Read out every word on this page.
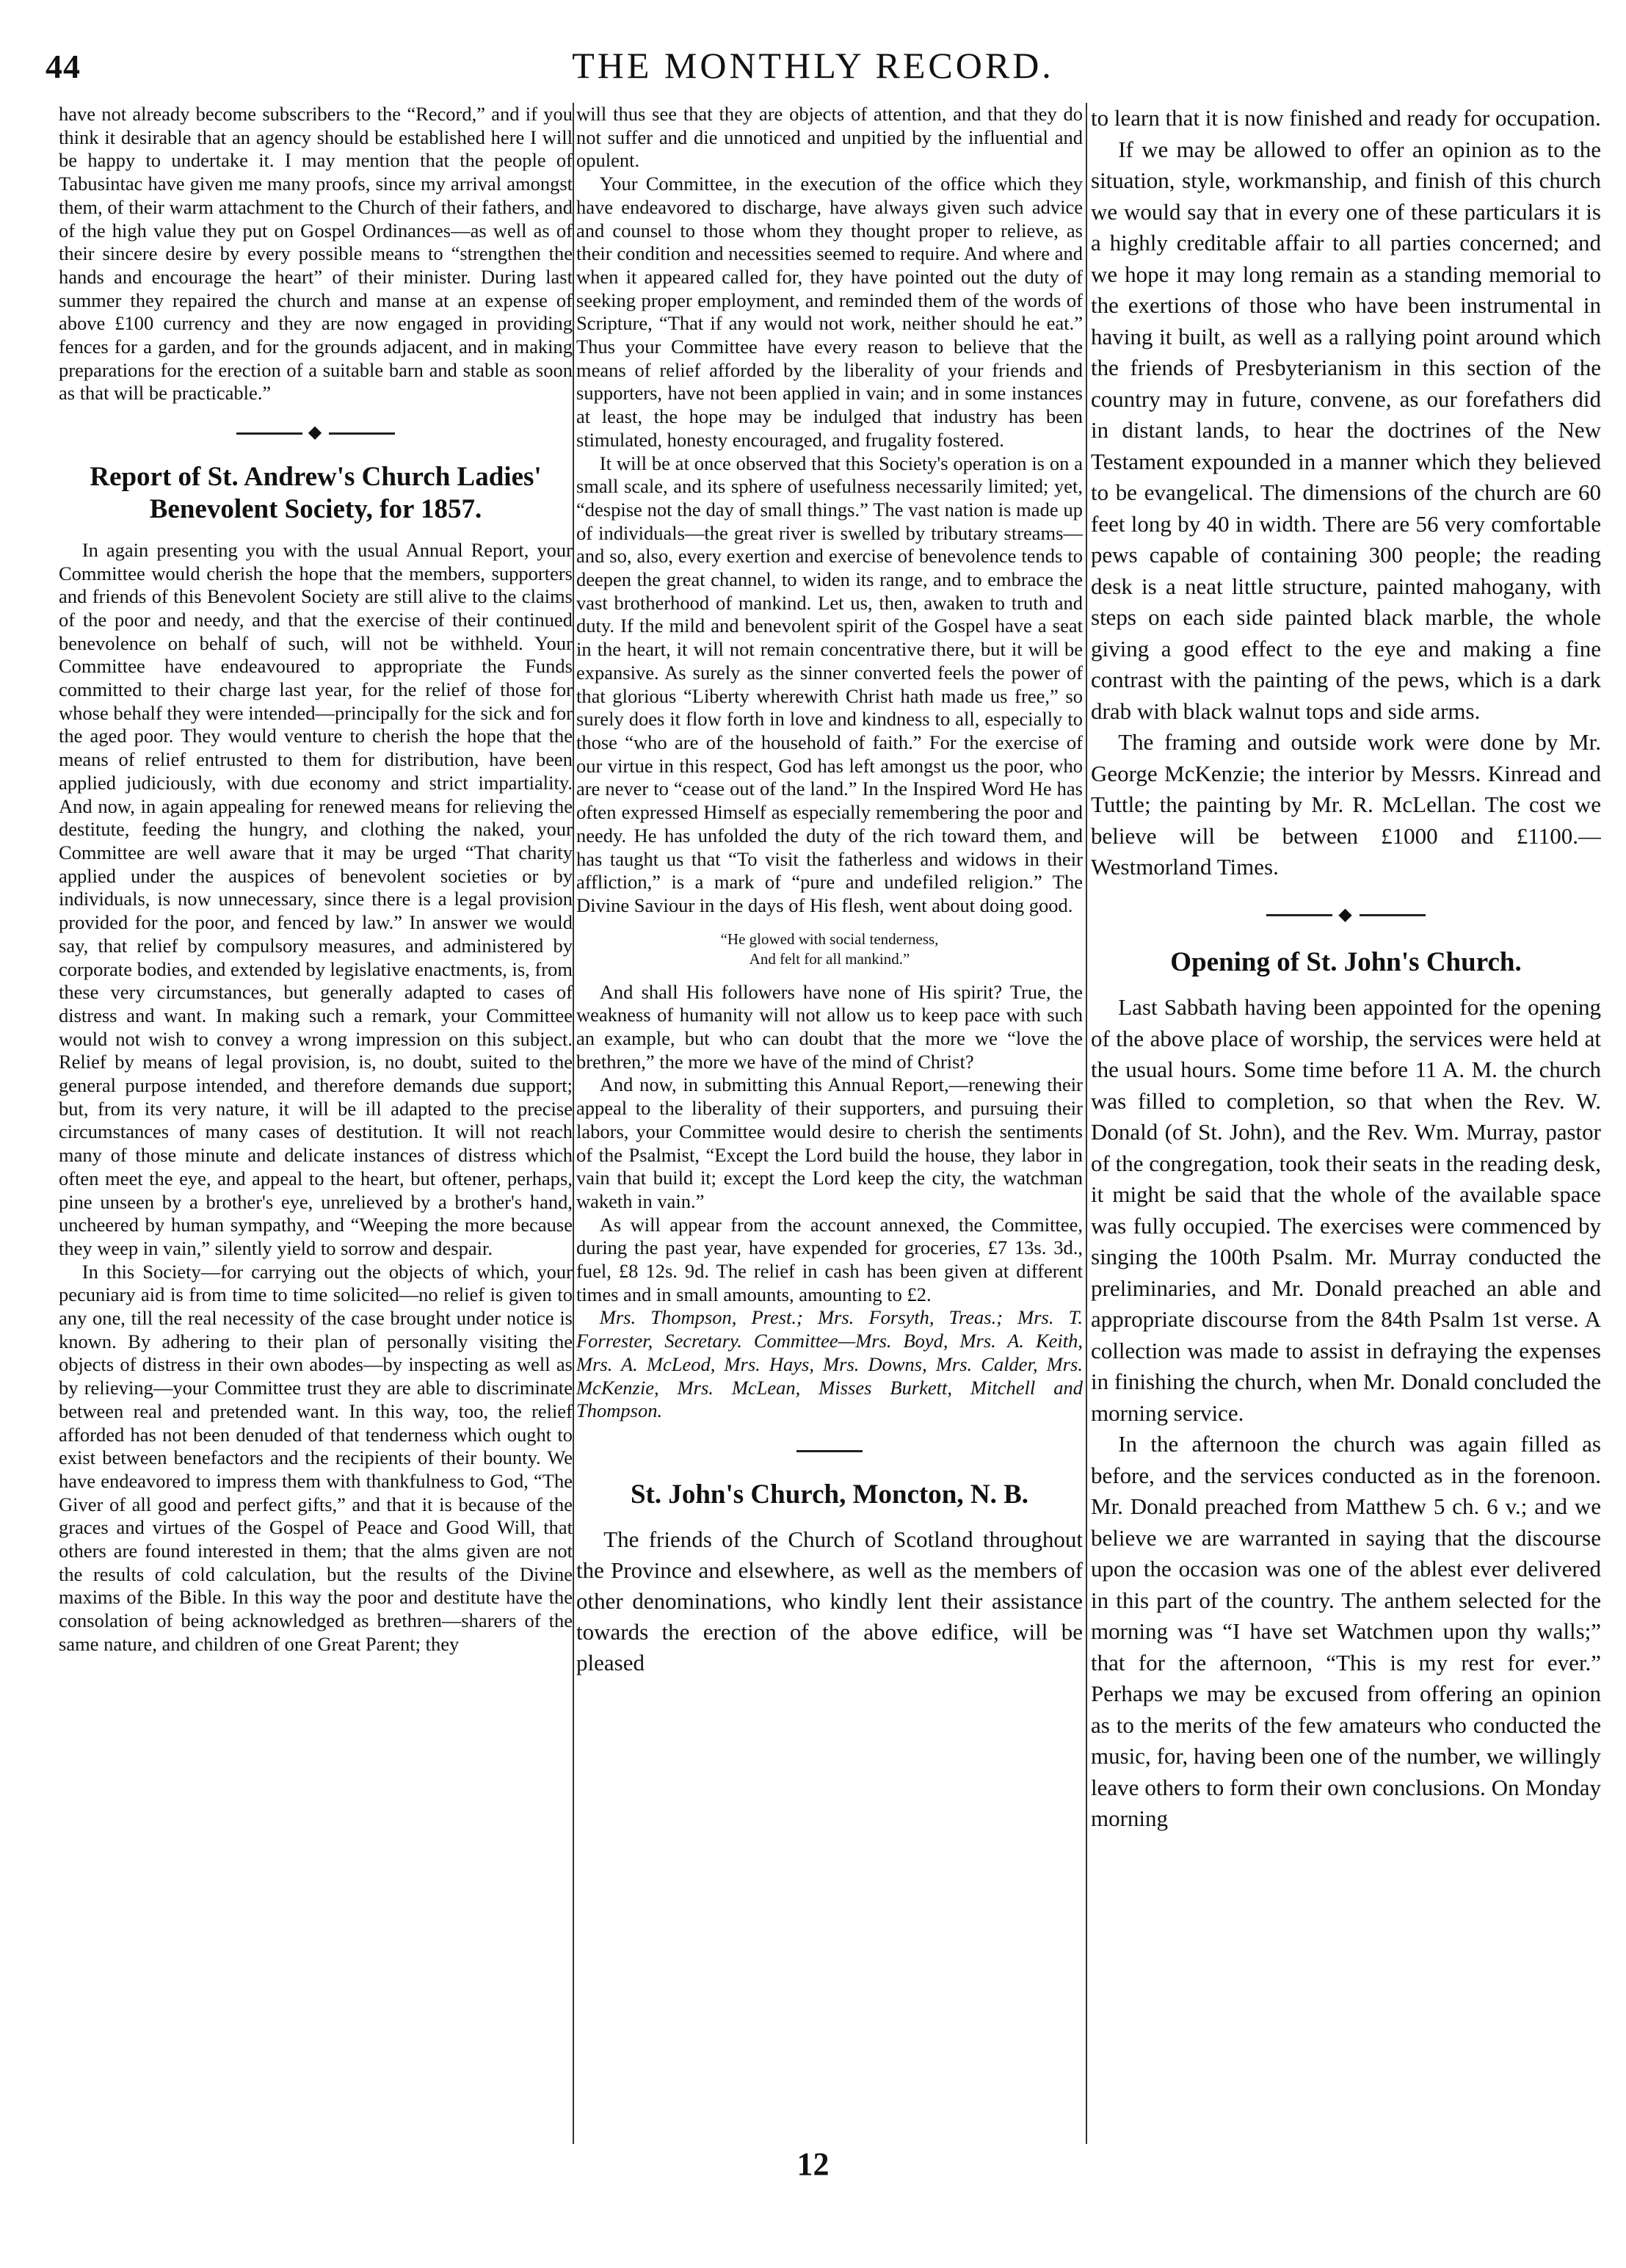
44	THE MONTHLY RECORD.

have not already become subscribers to the “Record,” and if you think it desirable that an agency should be established here I will be happy to undertake it. I may mention that the people of Tabusintac have given me many proofs, since my arrival amongst them, of their warm attachment to the Church of their fathers, and of the high value they put on Gospel Ordinances—as well as of their sincere desire by every possible means to “strengthen the hands and encourage the heart” of their minister. During last summer they repaired the church and manse at an expense of above £100 currency and they are now engaged in providing fences for a garden, and for the grounds adjacent, and in making preparations for the erection of a suitable barn and stable as soon as that will be practicable.”

◆
Report of St. Andrew's Church Ladies' Benevolent Society, for 1857.

In again presenting you with the usual Annual Report, your Committee would cherish the hope that the members, supporters and friends of this Benevolent Society are still alive to the claims of the poor and needy, and that the exercise of their continued benevolence on behalf of such, will not be withheld. Your Committee have endeavoured to appropriate the Funds committed to their charge last year, for the relief of those for whose behalf they were intended—principally for the sick and for the aged poor. They would venture to cherish the hope that the means of relief entrusted to them for distribution, have been applied judiciously, with due economy and strict impartiality. And now, in again appealing for renewed means for relieving the destitute, feeding the hungry, and clothing the naked, your Committee are well aware that it may be urged “That charity applied under the auspices of benevolent societies or by individuals, is now unnecessary, since there is a legal provision provided for the poor, and fenced by law.” In answer we would say, that relief by compulsory measures, and administered by corporate bodies, and extended by legislative enactments, is, from these very circumstances, but generally adapted to cases of distress and want. In making such a remark, your Committee would not wish to convey a wrong impression on this subject. Relief by means of legal provision, is, no doubt, suited to the general purpose intended, and therefore demands due support; but, from its very nature, it will be ill adapted to the precise circumstances of many cases of destitution. It will not reach many of those minute and delicate instances of distress which often meet the eye, and appeal to the heart, but oftener, perhaps, pine unseen by a brother's eye, unrelieved by a brother's hand, uncheered by human sympathy, and “Weeping the more because they weep in vain,” silently yield to sorrow and despair.

In this Society—for carrying out the objects of which, your pecuniary aid is from time to time solicited—no relief is given to any one, till the real necessity of the case brought under notice is known. By adhering to their plan of personally visiting the objects of distress in their own abodes—by inspecting as well as by relieving—your Committee trust they are able to discriminate between real and pretended want. In this way, too, the relief afforded has not been denuded of that tenderness which ought to exist between benefactors and the recipients of their bounty. We have endeavored to impress them with thankfulness to God, “The Giver of all good and perfect gifts,” and that it is because of the graces and virtues of the Gospel of Peace and Good Will, that others are found interested in them; that the alms given are not the results of cold calculation, but the results of the Divine maxims of the Bible. In this way the poor and destitute have the consolation of being acknowledged as brethren—sharers of the same nature, and children of one Great Parent; they

will thus see that they are objects of attention, and that they do not suffer and die unnoticed and unpitied by the influential and opulent.

Your Committee, in the execution of the office which they have endeavored to discharge, have always given such advice and counsel to those whom they thought proper to relieve, as their condition and necessities seemed to require. And where and when it appeared called for, they have pointed out the duty of seeking proper employment, and reminded them of the words of Scripture, “That if any would not work, neither should he eat.” Thus your Committee have every reason to believe that the means of relief afforded by the liberality of your friends and supporters, have not been applied in vain; and in some instances at least, the hope may be indulged that industry has been stimulated, honesty encouraged, and frugality fostered.

It will be at once observed that this Society's operation is on a small scale, and its sphere of usefulness necessarily limited; yet, “despise not the day of small things.” The vast nation is made up of individuals—the great river is swelled by tributary streams—and so, also, every exertion and exercise of benevolence tends to deepen the great channel, to widen its range, and to embrace the vast brotherhood of mankind. Let us, then, awaken to truth and duty. If the mild and benevolent spirit of the Gospel have a seat in the heart, it will not remain concentrative there, but it will be expansive. As surely as the sinner converted feels the power of that glorious “Liberty wherewith Christ hath made us free,” so surely does it flow forth in love and kindness to all, especially to those “who are of the household of faith.” For the exercise of our virtue in this respect, God has left amongst us the poor, who are never to “cease out of the land.” In the Inspired Word He has often expressed Himself as especially remembering the poor and needy. He has unfolded the duty of the rich toward them, and has taught us that “To visit the fatherless and widows in their affliction,” is a mark of “pure and undefiled religion.” The Divine Saviour in the days of His flesh, went about doing good.

“He glowed with social tenderness,
And felt for all mankind.”

And shall His followers have none of His spirit? True, the weakness of humanity will not allow us to keep pace with such an example, but who can doubt that the more we “love the brethren,” the more we have of the mind of Christ?

And now, in submitting this Annual Report,—renewing their appeal to the liberality of their supporters, and pursuing their labors, your Committee would desire to cherish the sentiments of the Psalmist, “Except the Lord build the house, they labor in vain that build it; except the Lord keep the city, the watchman waketh in vain.”

As will appear from the account annexed, the Committee, during the past year, have expended for groceries, £7 13s. 3d., fuel, £8 12s. 9d. The relief in cash has been given at different times and in small amounts, amounting to £2.

Mrs. Thompson, Prest.; Mrs. Forsyth, Treas.; Mrs. T. Forrester, Secretary. Committee—Mrs. Boyd, Mrs. A. Keith, Mrs. A. McLeod, Mrs. Hays, Mrs. Downs, Mrs. Calder, Mrs. McKenzie, Mrs. McLean, Misses Burkett, Mitchell and Thompson.

St. John's Church, Moncton, N. B.

The friends of the Church of Scotland throughout the Province and elsewhere, as well as the members of other denominations, who kindly lent their assistance towards the erection of the above edifice, will be pleased

to learn that it is now finished and ready for occupation.

If we may be allowed to offer an opinion as to the situation, style, workmanship, and finish of this church we would say that in every one of these particulars it is a highly creditable affair to all parties concerned; and we hope it may long remain as a standing memorial to the exertions of those who have been instrumental in having it built, as well as a rallying point around which the friends of Presbyterianism in this section of the country may in future, convene, as our forefathers did in distant lands, to hear the doctrines of the New Testament expounded in a manner which they believed to be evangelical. The dimensions of the church are 60 feet long by 40 in width. There are 56 very comfortable pews capable of containing 300 people; the reading desk is a neat little structure, painted mahogany, with steps on each side painted black marble, the whole giving a good effect to the eye and making a fine contrast with the painting of the pews, which is a dark drab with black walnut tops and side arms.

The framing and outside work were done by Mr. George McKenzie; the interior by Messrs. Kinread and Tuttle; the painting by Mr. R. McLellan. The cost we believe will be between £1000 and £1100.—Westmorland Times.

◆
Opening of St. John's Church.

Last Sabbath having been appointed for the opening of the above place of worship, the services were held at the usual hours. Some time before 11 A. M. the church was filled to completion, so that when the Rev. W. Donald (of St. John), and the Rev. Wm. Murray, pastor of the congregation, took their seats in the reading desk, it might be said that the whole of the available space was fully occupied. The exercises were commenced by singing the 100th Psalm. Mr. Murray conducted the preliminaries, and Mr. Donald preached an able and appropriate discourse from the 84th Psalm 1st verse. A collection was made to assist in defraying the expenses in finishing the church, when Mr. Donald concluded the morning service.

In the afternoon the church was again filled as before, and the services conducted as in the forenoon. Mr. Donald preached from Matthew 5 ch. 6 v.; and we believe we are warranted in saying that the discourse upon the occasion was one of the ablest ever delivered in this part of the country. The anthem selected for the morning was “I have set Watchmen upon thy walls;” that for the afternoon, “This is my rest for ever.” Perhaps we may be excused from offering an opinion as to the merits of the few amateurs who conducted the music, for, having been one of the number, we willingly leave others to form their own conclusions. On Monday morning

12
